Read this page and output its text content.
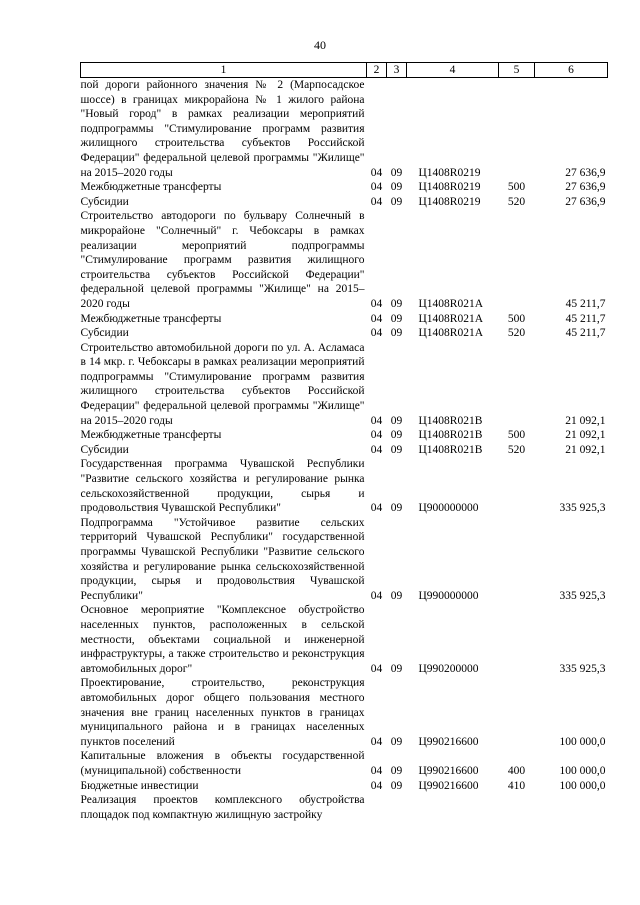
40
1	2	3	4	5	6
пой дороги районного значения № 2 (Марпосадское шоссе) в границах микрорайона № 1 жилого района "Новый город" в рамках реализации мероприятий подпрограммы "Стимулирование программ развития жилищного строительства субъектов Российской Федерации" федеральной целевой программы "Жилище" на 2015–2020 годы	04	09	Ц1408R0219		27 636,9
Межбюджетные трансферты	04	09	Ц1408R0219	500	27 636,9
Субсидии	04	09	Ц1408R0219	520	27 636,9
Строительство автодороги по бульвару Солнечный в микрорайоне "Солнечный" г. Чебоксары в рамках реализации мероприятий подпрограммы "Стимулирование программ развития жилищного строительства субъектов Российской Федерации" федеральной целевой программы "Жилище" на 2015–2020 годы	04	09	Ц1408R021A		45 211,7
Межбюджетные трансферты	04	09	Ц1408R021A	500	45 211,7
Субсидии	04	09	Ц1408R021A	520	45 211,7
Строительство автомобильной дороги по ул. А. Асламаса в 14 мкр. г. Чебоксары в рамках реализации мероприятий подпрограммы "Стимулирование программ развития жилищного строительства субъектов Российской Федерации" федеральной целевой программы "Жилище" на 2015–2020 годы	04	09	Ц1408R021B		21 092,1
Межбюджетные трансферты	04	09	Ц1408R021B	500	21 092,1
Субсидии	04	09	Ц1408R021B	520	21 092,1
Государственная программа Чувашской Республики "Развитие сельского хозяйства и регулирование рынка сельскохозяйственной продукции, сырья и продовольствия Чувашской Республики"	04	09	Ц900000000		335 925,3
Подпрограмма "Устойчивое развитие сельских территорий Чувашской Республики" государственной программы Чувашской Республики "Развитие сельского хозяйства и регулирование рынка сельскохозяйственной продукции, сырья и продовольствия Чувашской Республики"	04	09	Ц990000000		335 925,3
Основное мероприятие "Комплексное обустройство населенных пунктов, расположенных в сельской местности, объектами социальной и инженерной инфраструктуры, а также строительство и реконструкция автомобильных дорог"	04	09	Ц990200000		335 925,3
Проектирование, строительство, реконструкция автомобильных дорог общего пользования местного значения вне границ населенных пунктов в границах муниципального района и в границах населенных пунктов поселений	04	09	Ц990216600		100 000,0
Капитальные вложения в объекты государственной (муниципальной) собственности	04	09	Ц990216600	400	100 000,0
Бюджетные инвестиции	04	09	Ц990216600	410	100 000,0
Реализация проектов комплексного обустройства площадок под компактную жилищную застройку					
